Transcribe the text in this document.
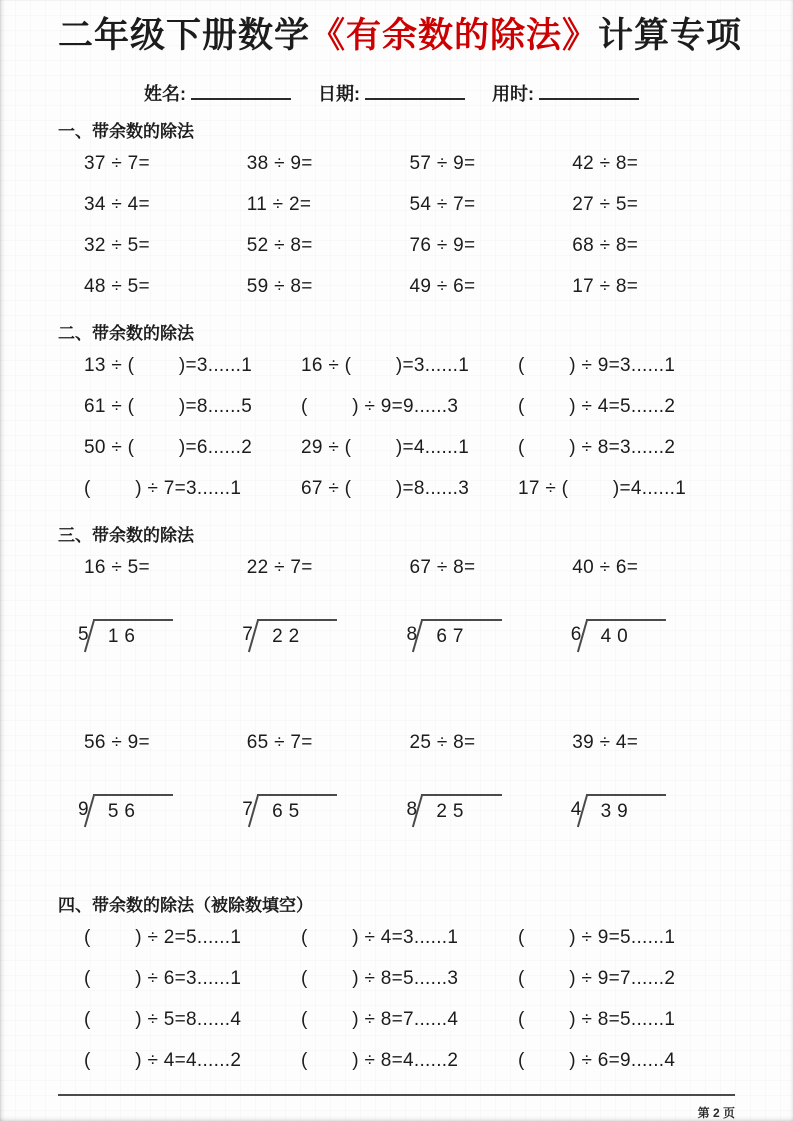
二年级下册数学《有余数的除法》计算专项
姓名:	日期:	用时:
一、带余数的除法
37 ÷ 7=	38 ÷ 9=	57 ÷ 9=	42 ÷ 8=
34 ÷ 4=	11 ÷ 2=	54 ÷ 7=	27 ÷ 5=
32 ÷ 5=	52 ÷ 8=	76 ÷ 9=	68 ÷ 8=
48 ÷ 5=	59 ÷ 8=	49 ÷ 6=	17 ÷ 8=
二、带余数的除法
13 ÷ (        )=3......1	16 ÷ (        )=3......1	(        ) ÷ 9=3......1
61 ÷ (        )=8......5	(        ) ÷ 9=9......3	(        ) ÷ 4=5......2
50 ÷ (        )=6......2	29 ÷ (        )=4......1	(        ) ÷ 8=3......2
(        ) ÷ 7=3......1	67 ÷ (        )=8......3	17 ÷ (        )=4......1
三、带余数的除法
16 ÷ 5=	22 ÷ 7=	67 ÷ 8=	40 ÷ 6=
5	1 6	7	2 2	8	6 7	6	4 0
56 ÷ 9=	65 ÷ 7=	25 ÷ 8=	39 ÷ 4=
9	5 6	7	6 5	8	2 5	4	3 9
四、带余数的除法（被除数填空）
(        ) ÷ 2=5......1	(        ) ÷ 4=3......1	(        ) ÷ 9=5......1
(        ) ÷ 6=3......1	(        ) ÷ 8=5......3	(        ) ÷ 9=7......2
(        ) ÷ 5=8......4	(        ) ÷ 8=7......4	(        ) ÷ 8=5......1
(        ) ÷ 4=4......2	(        ) ÷ 8=4......2	(        ) ÷ 6=9......4
第 2 页
